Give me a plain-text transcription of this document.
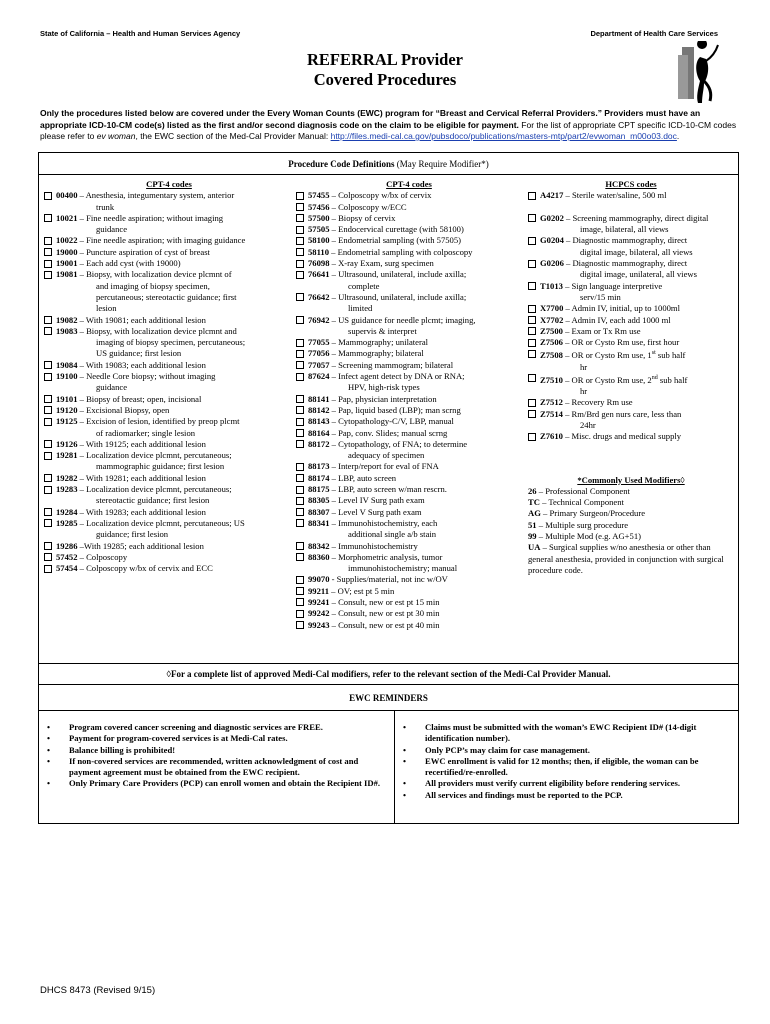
State of California – Health and Human Services Agency	Department of Health Care Services
REFERRAL Provider
Covered Procedures
Only the procedures listed below are covered under the Every Woman Counts (EWC) program for “Breast and Cervical Referral Providers.” Providers must have an appropriate ICD-10-CM code(s) listed as the first and/or second diagnosis code on the claim to be eligible for payment. For the list of appropriate CPT specific ICD-10-CM codes please refer to ev woman, the EWC section of the Med-Cal Provider Manual: http://files.medi-cal.ca.gov/pubsdoco/publications/masters-mtp/part2/evwoman_m00o03.doc.
Procedure Code Definitions (May Require Modifier*)
CPT-4 codes
00400 – Anesthesia, integumentary system, anterior
trunk
10021 – Fine needle aspiration; without imaging
guidance
10022 – Fine needle aspiration; with imaging guidance
19000 – Puncture aspiration of cyst of breast
19001 – Each add cyst (with 19000)
19081 – Biopsy, with localization device plcmnt of
and imaging of biopsy specimen,
percutaneous; stereotactic guidance; first
lesion
19082 – With 19081; each additional lesion
19083 – Biopsy, with localization device plcmnt and
imaging of biopsy specimen, percutaneous;
US guidance; first lesion
19084 – With 19083; each additional lesion
19100 – Needle Core biopsy; without imaging
guidance
19101 – Biopsy of breast; open, incisional
19120 – Excisional Biopsy, open
19125 – Excision of lesion, identified by preop plcmt
of radiomarker; single lesion
19126 – With 19125; each additional lesion
19281 – Localization device plcmnt, percutaneous;
mammographic guidance; first lesion
19282 – With 19281; each additional lesion
19283 – Localization device plcmnt, percutaneous;
stereotactic guidance; first lesion
19284 – With 19283; each additional lesion
19285 – Localization device plcmnt, percutaneous; US
guidance; first lesion
19286 –With 19285; each additional lesion
57452 – Colposcopy
57454 – Colposcopy w/bx of cervix and ECC
CPT-4 codes
57455 – Colposcopy w/bx of cervix
57456 – Colposcopy w/ECC
57500 – Biopsy of cervix
57505 – Endocervical curettage (with 58100)
58100 – Endometrial sampling (with 57505)
58110 – Endometrial sampling with colposcopy
76098 – X-ray Exam, surg specimen
76641 – Ultrasound, unilateral, include axilla;
complete
76642 – Ultrasound, unilateral, include axilla;
limited
76942 – US guidance for needle plcmt; imaging,
supervis & interpret
77055 – Mammography; unilateral
77056 – Mammography; bilateral
77057 – Screening mammogram; bilateral
87624 – Infect agent detect by DNA or RNA;
HPV, high-risk types
88141 – Pap, physician interpretation
88142 – Pap, liquid based (LBP); man scrng
88143 – Cytopathology-C/V, LBP, manual
88164 – Pap, conv. Slides; manual scrng
88172 – Cytopathology, of FNA; to determine
adequacy of specimen
88173 – Interp/report for eval of FNA
88174 – LBP, auto screen
88175 – LBP, auto screen w/man rescrn.
88305 – Level IV Surg path exam
88307 – Level V Surg path exam
88341 – Immunohistochemistry, each
additional single a/b stain
88342 – Immunohistochemistry
88360 – Morphometric analysis, tumor
immunohistochemistry; manual
99070 - Supplies/material, not inc w/OV
99211 – OV; est pt 5 min
99241 – Consult, new or est pt 15 min
99242 – Consult, new or est pt 30 min
99243 – Consult, new or est pt 40 min
HCPCS codes
A4217 – Sterile water/saline, 500 ml
G0202 – Screening mammography, direct digital
image, bilateral, all views
G0204 – Diagnostic mammography, direct
digital image, bilateral, all views
G0206 – Diagnostic mammography, direct
digital image, unilateral, all views
T1013 – Sign language interpretive
serv/15 min
X7700 – Admin IV, initial, up to 1000ml
X7702 – Admin IV, each add 1000 ml
Z7500 – Exam or Tx Rm use
Z7506 – OR or Cysto Rm use, first hour
Z7508 – OR or Cysto Rm use, 1st sub half
hr
Z7510 – OR or Cysto Rm use, 2nd sub half
hr
Z7512 – Recovery Rm use
Z7514 – Rm/Brd gen nurs care, less than
24hr
Z7610 – Misc. drugs and medical supply
*Commonly Used Modifiers◊
26 – Professional Component
TC – Technical Component
AG – Primary Surgeon/Procedure
51 – Multiple surg procedure
99 – Multiple Mod (e.g. AG+51)
UA – Surgical supplies w/no anesthesia or other than general anesthesia, provided in conjunction with surgical procedure code.
◊For a complete list of approved Medi-Cal modifiers, refer to the relevant section of the Medi-Cal Provider Manual.
EWC REMINDERS
•	Program covered cancer screening and diagnostic services are FREE.
•	Payment for program-covered services is at Medi-Cal rates.
•	Balance billing is prohibited!
•	If non-covered services are recommended, written acknowledgment of cost and payment agreement must be obtained from the EWC recipient.
•	Only Primary Care Providers (PCP) can enroll women and obtain the Recipient ID#.
•	Claims must be submitted with the woman’s EWC Recipient ID# (14-digit identification number).
•	Only PCP’s may claim for case management.
•	EWC enrollment is valid for 12 months; then, if eligible, the woman can be recertified/re-enrolled.
•	All providers must verify current eligibility before rendering services.
•	All services and findings must be reported to the PCP.
DHCS 8473 (Revised 9/15)
